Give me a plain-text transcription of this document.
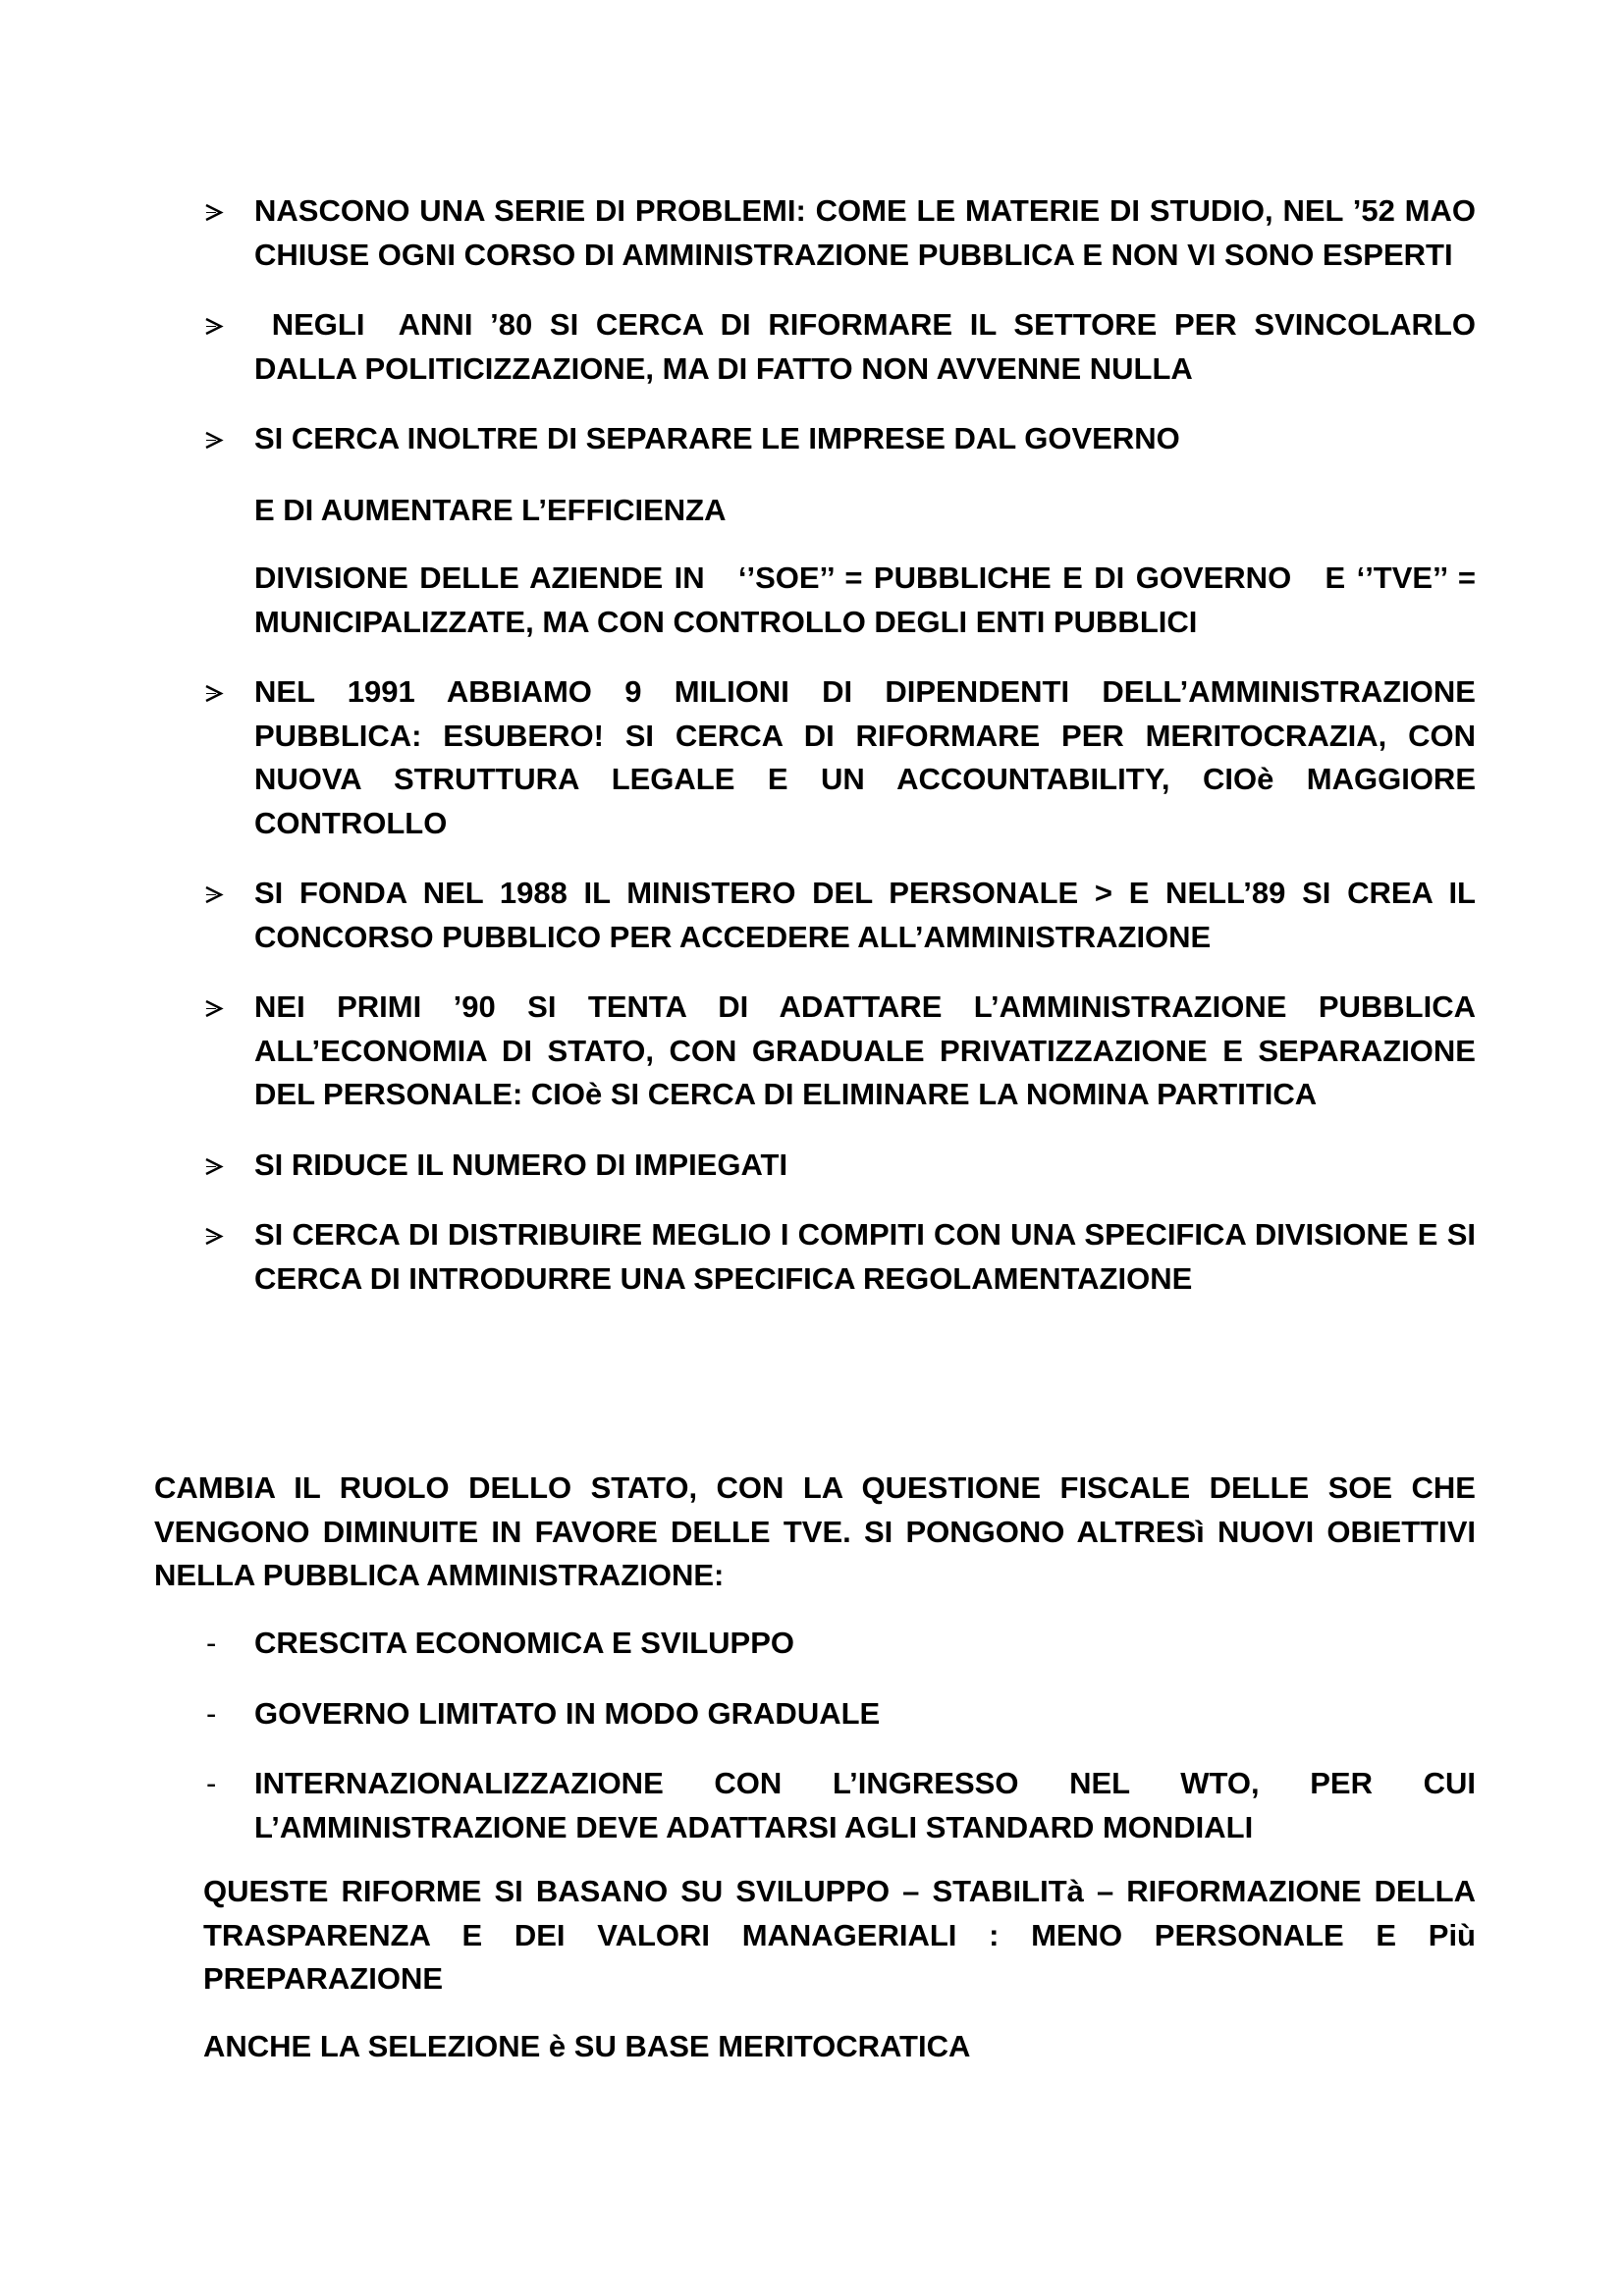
NASCONO UNA SERIE DI PROBLEMI: COME LE MATERIE DI STUDIO, NEL ’52 MAO CHIUSE OGNI CORSO DI AMMINISTRAZIONE PUBBLICA E NON VI SONO ESPERTI
NEGLI  ANNI ’80 SI CERCA DI RIFORMARE IL SETTORE PER SVINCOLARLO DALLA POLITICIZZAZIONE, MA DI FATTO NON AVVENNE NULLA
SI CERCA INOLTRE DI SEPARARE LE IMPRESE DAL GOVERNO
E DI AUMENTARE L’EFFICIENZA
DIVISIONE DELLE AZIENDE IN   ‘’SOE’’ = PUBBLICHE E DI GOVERNO   E ‘’TVE’’ = MUNICIPALIZZATE, MA CON CONTROLLO DEGLI ENTI PUBBLICI
NEL 1991 ABBIAMO 9 MILIONI DI DIPENDENTI DELL’AMMINISTRAZIONE PUBBLICA: ESUBERO! SI CERCA DI RIFORMARE PER MERITOCRAZIA, CON NUOVA STRUTTURA LEGALE E UN ACCOUNTABILITY, CIOè MAGGIORE CONTROLLO
SI FONDA NEL 1988 IL MINISTERO DEL PERSONALE > E NELL’89 SI CREA IL CONCORSO PUBBLICO PER ACCEDERE ALL’AMMINISTRAZIONE
NEI PRIMI ’90 SI TENTA DI ADATTARE L’AMMINISTRAZIONE PUBBLICA ALL’ECONOMIA DI STATO, CON GRADUALE PRIVATIZZAZIONE E SEPARAZIONE DEL PERSONALE: CIOè SI CERCA DI ELIMINARE LA NOMINA PARTITICA
SI RIDUCE IL NUMERO DI IMPIEGATI
SI CERCA DI DISTRIBUIRE MEGLIO I COMPITI CON UNA SPECIFICA DIVISIONE E SI CERCA DI INTRODURRE UNA SPECIFICA REGOLAMENTAZIONE

CAMBIA IL RUOLO DELLO STATO, CON LA QUESTIONE FISCALE DELLE SOE CHE VENGONO DIMINUITE IN FAVORE DELLE TVE. SI PONGONO ALTRESì NUOVI OBIETTIVI NELLA PUBBLICA AMMINISTRAZIONE:

- CRESCITA ECONOMICA E SVILUPPO
- GOVERNO LIMITATO IN MODO GRADUALE
- INTERNAZIONALIZZAZIONE CON L’INGRESSO NEL WTO, PER CUI L’AMMINISTRAZIONE DEVE ADATTARSI AGLI STANDARD MONDIALI

QUESTE RIFORME SI BASANO SU SVILUPPO – STABILITà – RIFORMAZIONE DELLA TRASPARENZA E DEI VALORI MANAGERIALI : MENO PERSONALE E Più PREPARAZIONE

ANCHE LA SELEZIONE è SU BASE MERITOCRATICA
